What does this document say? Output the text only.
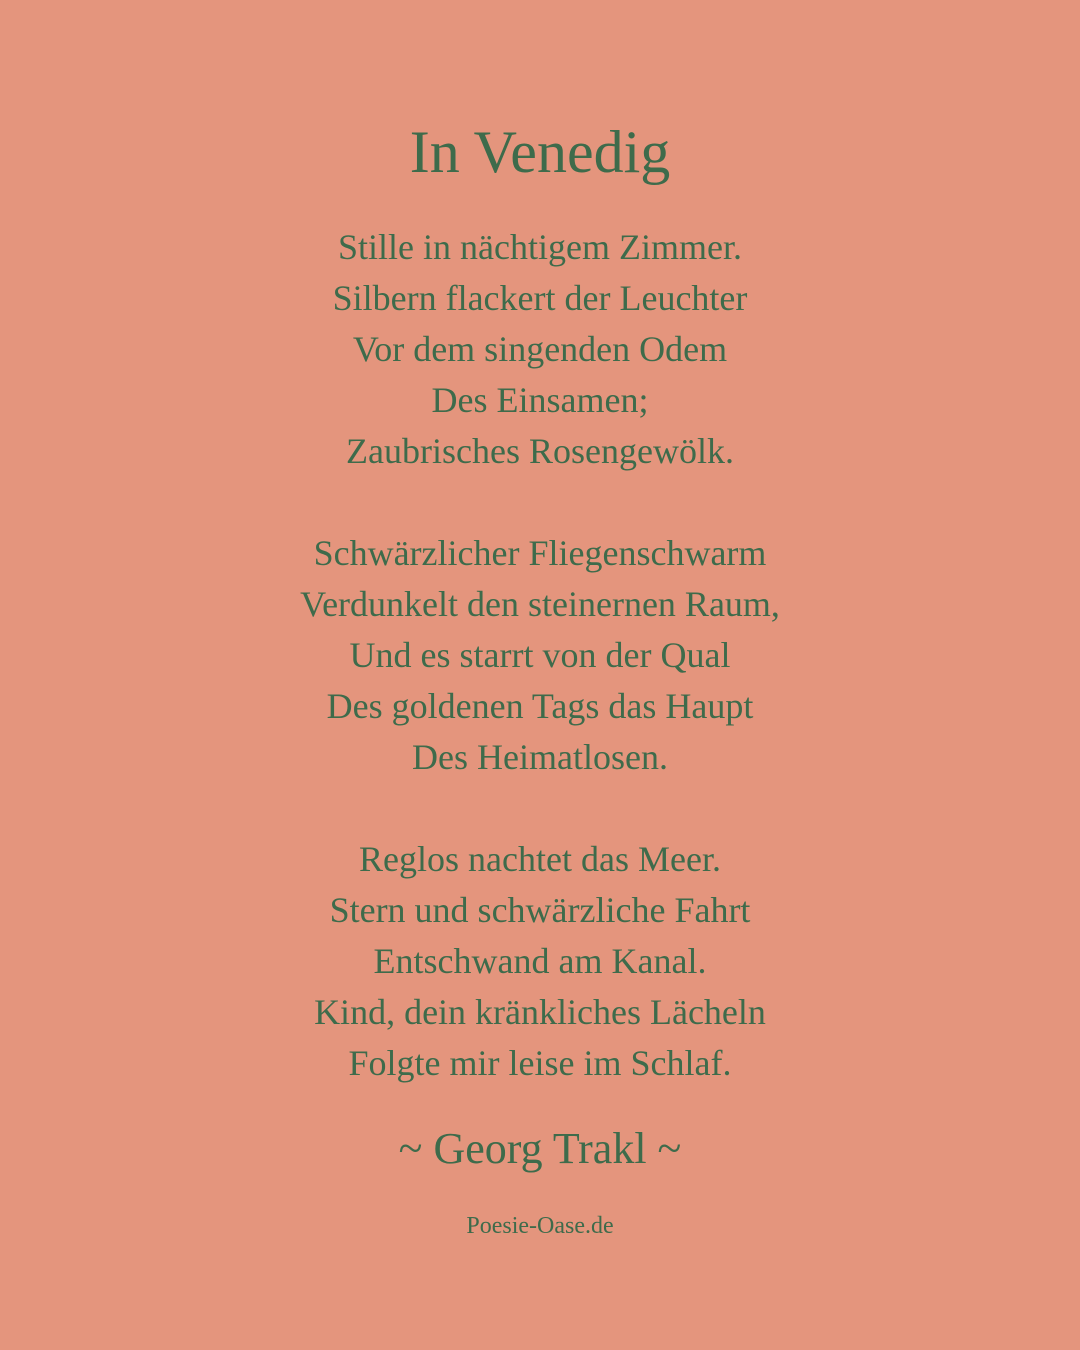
In Venedig

Stille in nächtigem Zimmer.
Silbern flackert der Leuchter
Vor dem singenden Odem
Des Einsamen;
Zaubrisches Rosengewölk.

Schwärzlicher Fliegenschwarm
Verdunkelt den steinernen Raum,
Und es starrt von der Qual
Des goldenen Tags das Haupt
Des Heimatlosen.

Reglos nachtet das Meer.
Stern und schwärzliche Fahrt
Entschwand am Kanal.
Kind, dein kränkliches Lächeln
Folgte mir leise im Schlaf.

~ Georg Trakl ~
Poesie-Oase.de
